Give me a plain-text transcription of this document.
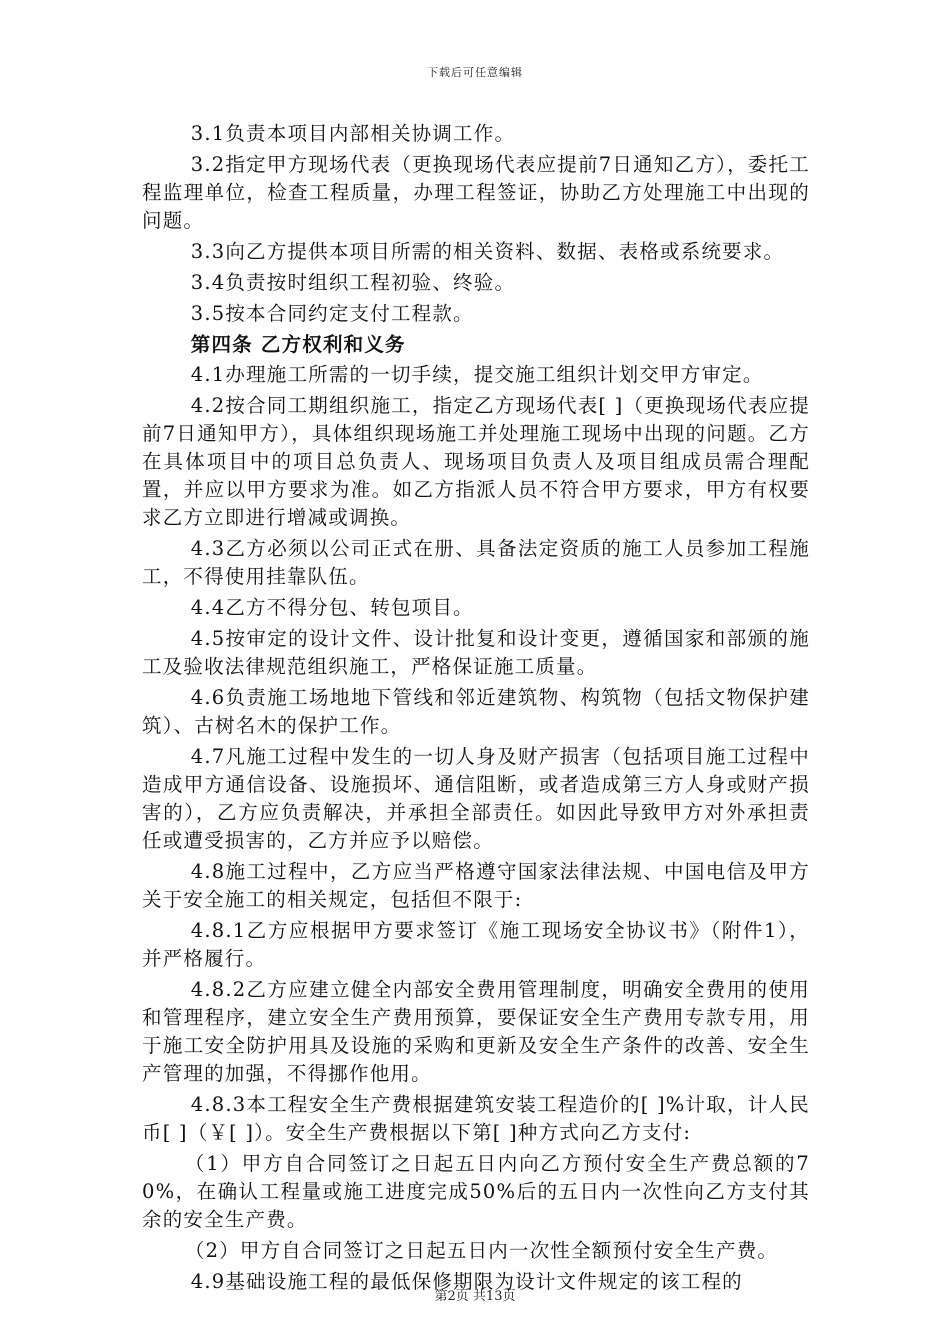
下载后可任意编辑

3.1负责本项目内部相关协调工作。

3.2指定甲方现场代表（更换现场代表应提前7日通知乙方），委托工程监理单位，检查工程质量，办理工程签证，协助乙方处理施工中出现的问题。

3.3向乙方提供本项目所需的相关资料、数据、表格或系统要求。

3.4负责按时组织工程初验、终验。

3.5按本合同约定支付工程款。

第四条 乙方权利和义务

4.1办理施工所需的一切手续，提交施工组织计划交甲方审定。

4.2按合同工期组织施工，指定乙方现场代表[ ]（更换现场代表应提前7日通知甲方），具体组织现场施工并处理施工现场中出现的问题。乙方在具体项目中的项目总负责人、现场项目负责人及项目组成员需合理配置，并应以甲方要求为准。如乙方指派人员不符合甲方要求，甲方有权要求乙方立即进行增减或调换。

4.3乙方必须以公司正式在册、具备法定资质的施工人员参加工程施工，不得使用挂靠队伍。

4.4乙方不得分包、转包项目。

4.5按审定的设计文件、设计批复和设计变更，遵循国家和部颁的施工及验收法律规范组织施工，严格保证施工质量。

4.6负责施工场地地下管线和邻近建筑物、构筑物（包括文物保护建筑）、古树名木的保护工作。

4.7凡施工过程中发生的一切人身及财产损害（包括项目施工过程中造成甲方通信设备、设施损坏、通信阻断，或者造成第三方人身或财产损害的），乙方应负责解决，并承担全部责任。如因此导致甲方对外承担责任或遭受损害的，乙方并应予以赔偿。

4.8施工过程中，乙方应当严格遵守国家法律法规、中国电信及甲方关于安全施工的相关规定，包括但不限于:

4.8.1乙方应根据甲方要求签订《施工现场安全协议书》（附件1），并严格履行。

4.8.2乙方应建立健全内部安全费用管理制度，明确安全费用的使用和管理程序，建立安全生产费用预算，要保证安全生产费用专款专用，用于施工安全防护用具及设施的采购和更新及安全生产条件的改善、安全生产管理的加强，不得挪作他用。

4.8.3本工程安全生产费根据建筑安装工程造价的[ ]%计取，计人民币[ ]（￥[ ]）。安全生产费根据以下第[ ]种方式向乙方支付:

（1）甲方自合同签订之日起五日内向乙方预付安全生产费总额的70%，在确认工程量或施工进度完成50%后的五日内一次性向乙方支付其余的安全生产费。

（2）甲方自合同签订之日起五日内一次性全额预付安全生产费。

4.9基础设施工程的最低保修期限为设计文件规定的该工程的

第2页 共13页
